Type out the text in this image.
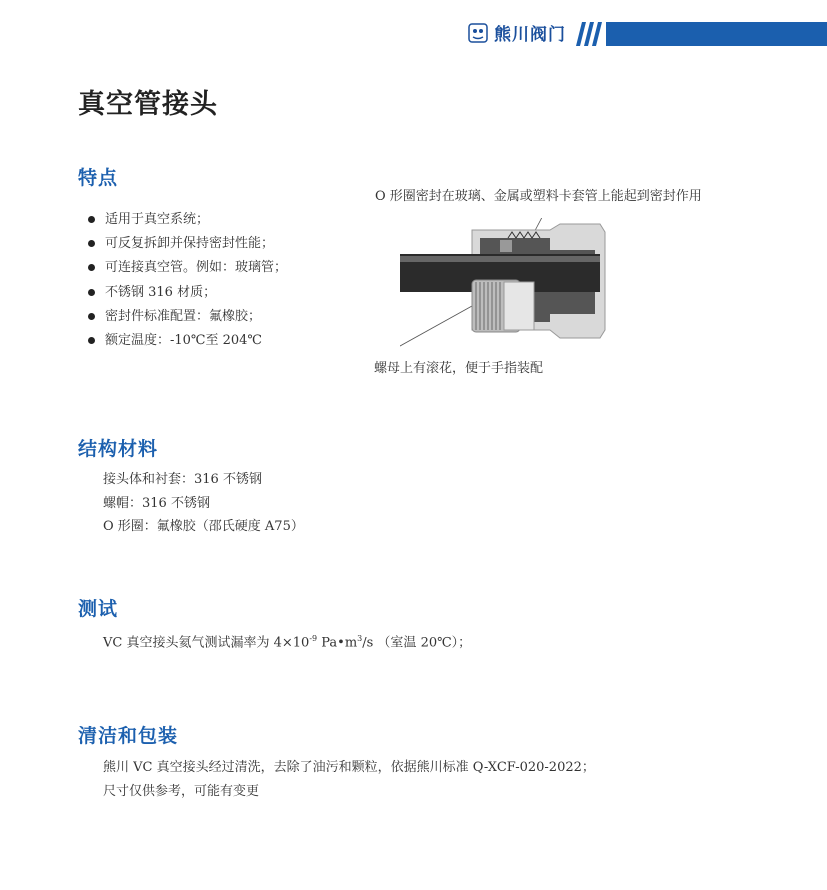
熊川阀门
真空管接头
特点
适用于真空系统；
可反复拆卸并保持密封性能；
可连接真空管。例如：玻璃管；
不锈钢 316 材质；
密封件标准配置：氟橡胶；
额定温度：-10℃至 204℃
O 形圈密封在玻璃、金属或塑料卡套管上能起到密封作用
螺母上有滚花，便于手指装配
结构材料
接头体和衬套：316 不锈钢
螺帽：316 不锈钢
O 形圈：氟橡胶（邵氏硬度 A75）
测试
VC 真空接头氦气测试漏率为 $4\times 10^{-9}$ $Pa•m^3/s$ （室温 20℃）；
清洁和包装
熊川 VC 真空接头经过清洗，去除了油污和颗粒，依据熊川标准 Q-XCF-020-2022；
尺寸仅供参考，可能有变更
